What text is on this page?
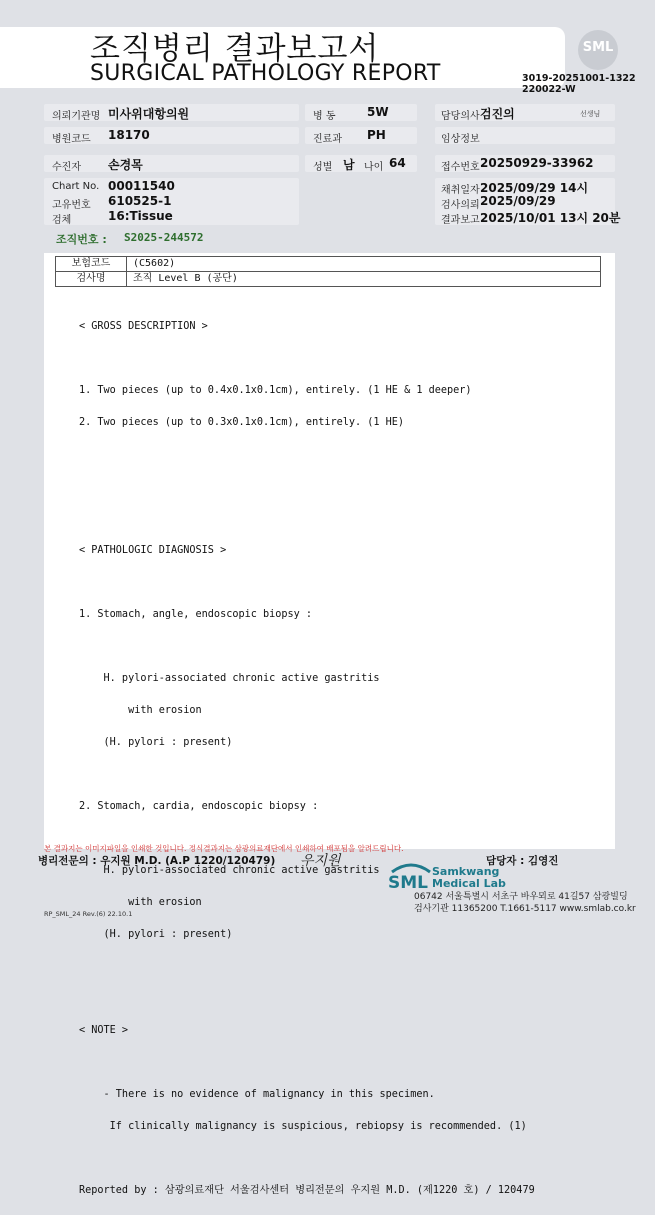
조직병리 결과보고서
SURGICAL PATHOLOGY REPORT
SML
3019-20251001-1322
220022-W
의뢰기관명 미사위대항의원	병 동	5W	담당의사 검진의	선생님
병원코드 18170	진료과 PH	임상정보
수진자 손경목	성별 남 나이 64	접수번호 20250929-33962
Chart No. 00011540
고유번호 610525-1
검체	16:Tissue
채취일자 2025/09/29 14시
검사의뢰 2025/09/29
결과보고 2025/10/01 13시 20분
조직번호 : S2025-244572
보험코드	(C5602)
검사명	조직 Level B (공단)

< GROSS DESCRIPTION >

1. Two pieces (up to 0.4x0.1x0.1cm), entirely. (1 HE & 1 deeper)

2. Two pieces (up to 0.3x0.1x0.1cm), entirely. (1 HE)

< PATHOLOGIC DIAGNOSIS >

1. Stomach, angle, endoscopic biopsy :

H. pylori-associated chronic active gastritis

with erosion

(H. pylori : present)

2. Stomach, cardia, endoscopic biopsy :

H. pylori-associated chronic active gastritis

with erosion

(H. pylori : present)

< NOTE >

- There is no evidence of malignancy in this specimen.

If clinically malignancy is suspicious, rebiopsy is recommended. (1)

Reported by : 삼광의료재단 서울검사센터 병리전문의 우지원 M.D. (제1220 호) / 120479

본 결과지는 이미지파일을 인쇄한 것입니다. 정식결과지는 삼광의료재단에서 인쇄하여 배포됨을 알려드립니다.
병리전문의 : 우지원 M.D. (A.P 1220/120479) 우지원	담당자 : 김영진
SML
Samkwang
Medical Lab
06742 서울특별시 서초구 바우뫼로 41길57 삼광빌딩
검사기관 11365200 T.1661-5117 www.smlab.co.kr
RP_SML_24 Rev.(6) 22.10.1
